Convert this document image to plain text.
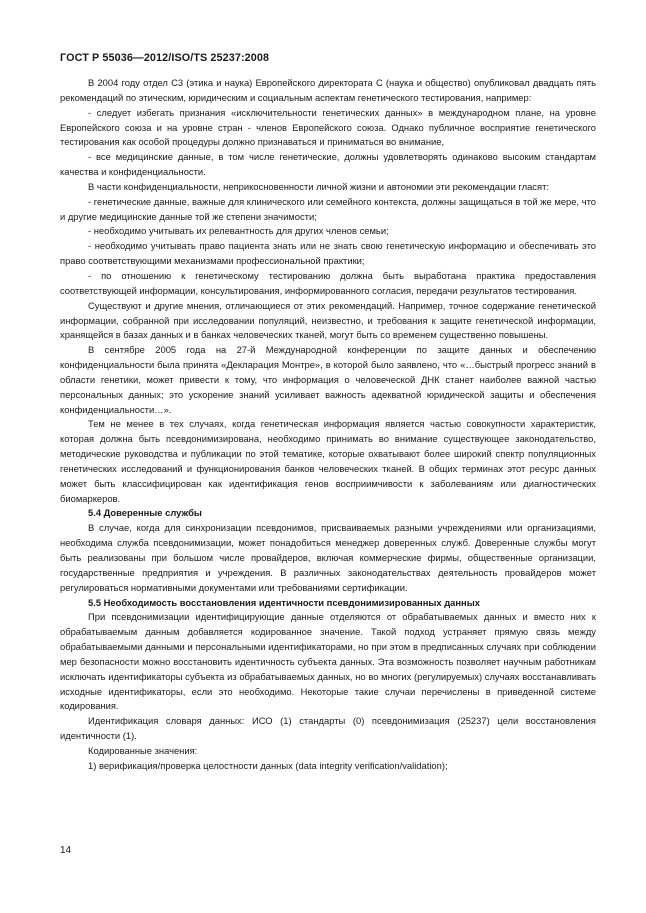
ГОСТ Р 55036—2012/ISO/TS 25237:2008

В 2004 году отдел С3 (этика и наука) Европейского директората С (наука и общество) опубликовал двадцать пять рекомендаций по этическим, юридическим и социальным аспектам генетического тестирования, например:

- следует избегать признания «исключительности генетических данных» в международном плане, на уровне Европейского союза и на уровне стран - членов Европейского союза. Однако публичное восприятие генетического тестирования как особой процедуры должно признаваться и приниматься во внимание,

- все медицинские данные, в том числе генетические, должны удовлетворять одинаково высоким стандартам качества и конфиденциальности.

В части конфиденциальности, неприкосновенности личной жизни и автономии эти рекомендации гласят:

- генетические данные, важные для клинического или семейного контекста, должны защищаться в той же мере, что и другие медицинские данные той же степени значимости;

- необходимо учитывать их релевантность для других членов семьи;

- необходимо учитывать право пациента знать или не знать свою генетическую информацию и обеспечивать это право соответствующими механизмами профессиональной практики;

- по отношению к генетическому тестированию должна быть выработана практика предоставления соответствующей информации, консультирования, информированного согласия, передачи результатов тестирования.

Существуют и другие мнения, отличающиеся от этих рекомендаций. Например, точное содержание генетической информации, собранной при исследовании популяций, неизвестно, и требования к защите генетической информации, хранящейся в базах данных и в банках человеческих тканей, могут быть со временем существенно повышены.

В сентябре 2005 года на 27-й Международной конференции по защите данных и обеспечению конфиденциальности была принята «Декларация Монтре», в которой было заявлено, что «…быстрый прогресс знаний в области генетики, может привести к тому, что информация о человеческой ДНК станет наиболее важной частью персональных данных; это ускорение знаний усиливает важность адекватной юридической защиты и обеспечения конфиденциальности…».

Тем не менее в тех случаях, когда генетическая информация является частью совокупности характеристик, которая должна быть псевдонимизирована, необходимо принимать во внимание существующее законодательство, методические руководства и публикации по этой тематике, которые охватывают более широкий спектр популяционных генетических исследований и функционирования банков человеческих тканей. В общих терминах этот ресурс данных может быть классифицирован как идентификация генов восприимчивости к заболеваниям или диагностических биомаркеров.

5.4 Доверенные службы

В случае, когда для синхронизации псевдонимов, присваиваемых разными учреждениями или организациями, необходима служба псевдонимизации, может понадобиться менеджер доверенных служб. Доверенные службы могут быть реализованы при большом числе провайдеров, включая коммерческие фирмы, общественные организации, государственные предприятия и учреждения. В различных законодательствах деятельность провайдеров может регулироваться нормативными документами или требованиями сертификации.

5.5 Необходимость восстановления идентичности псевдонимизированных данных

При псевдонимизации идентифицирующие данные отделяются от обрабатываемых данных и вместо них к обрабатываемым данным добавляется кодированное значение. Такой подход устраняет прямую связь между обрабатываемыми данными и персональными идентификаторами, но при этом в предписанных случаях при соблюдении мер безопасности можно восстановить идентичность субъекта данных. Эта возможность позволяет научным работникам исключать идентификаторы субъекта из обрабатываемых данных, но во многих (регулируемых) случаях восстанавливать исходные идентификаторы, если это необходимо. Некоторые такие случаи перечислены в приведенной системе кодирования.

Идентификация словаря данных: ИСО (1) стандарты (0) псевдонимизация (25237) цели восстановления идентичности (1).

Кодированные значения:

1) верификация/проверка целостности данных (data integrity verification/validation);

14
